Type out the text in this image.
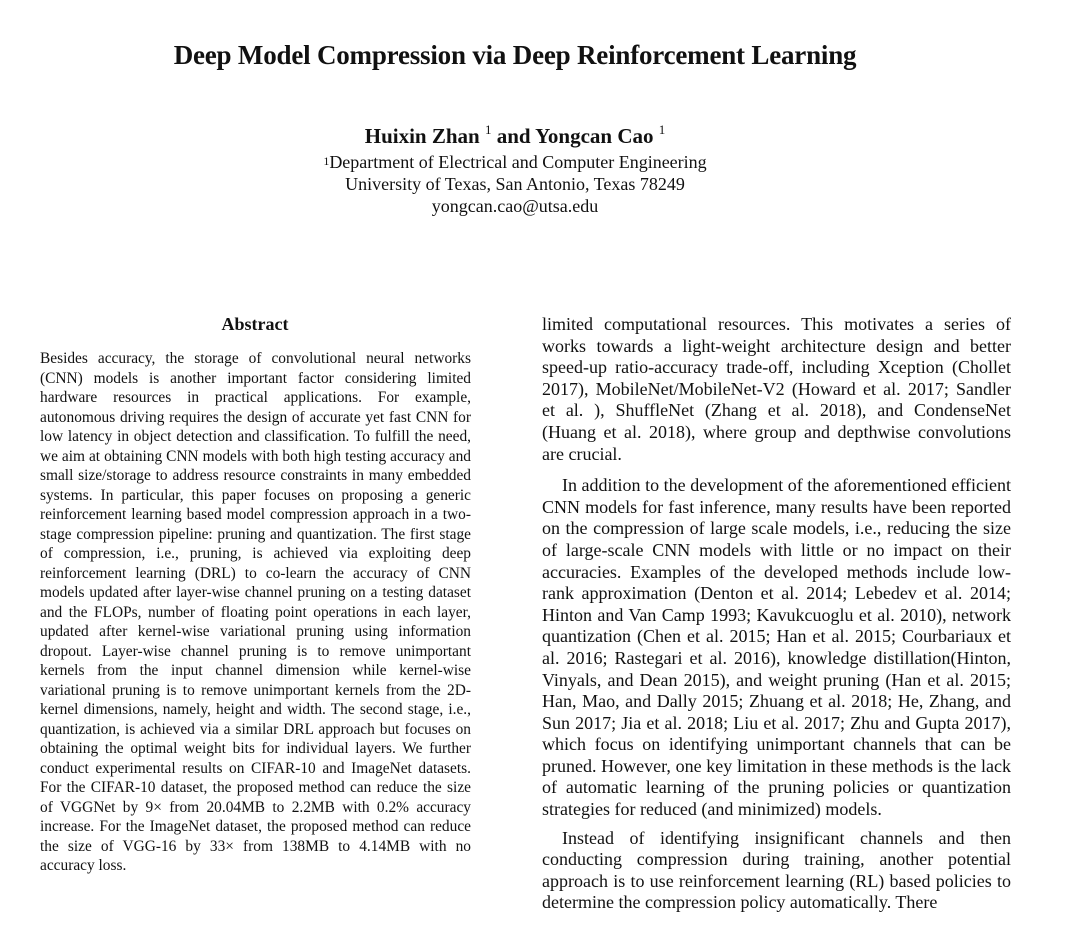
Deep Model Compression via Deep Reinforcement Learning
Huixin Zhan $^1$ and Yongcan Cao $^1$
$^1$Department of Electrical and Computer Engineering
University of Texas, San Antonio, Texas 78249
yongcan.cao@utsa.edu
Abstract

Besides accuracy, the storage of convolutional neural networks (CNN) models is another important factor considering limited hardware resources in practical applications. For example, autonomous driving requires the design of accurate yet fast CNN for low latency in object detection and classification. To fulfill the need, we aim at obtaining CNN models with both high testing accuracy and small size/storage to address resource constraints in many embedded systems. In particular, this paper focuses on proposing a generic reinforcement learning based model compression approach in a two-stage compression pipeline: pruning and quantization. The first stage of compression, i.e., pruning, is achieved via exploiting deep reinforcement learning (DRL) to co-learn the accuracy of CNN models updated after layer-wise channel pruning on a testing dataset and the FLOPs, number of floating point operations in each layer, updated after kernel-wise variational pruning using information dropout. Layer-wise channel pruning is to remove unimportant kernels from the input channel dimension while kernel-wise variational pruning is to remove unimportant kernels from the 2D-kernel dimensions, namely, height and width. The second stage, i.e., quantization, is achieved via a similar DRL approach but focuses on obtaining the optimal weight bits for individual layers. We further conduct experimental results on CIFAR-10 and ImageNet datasets. For the CIFAR-10 dataset, the proposed method can reduce the size of VGGNet by 9× from 20.04MB to 2.2MB with 0.2% accuracy increase. For the ImageNet dataset, the proposed method can reduce the size of VGG-16 by 33× from 138MB to 4.14MB with no accuracy loss.

limited computational resources. This motivates a series of works towards a light-weight architecture design and better speed-up ratio-accuracy trade-off, including Xception (Chollet 2017), MobileNet/MobileNet-V2 (Howard et al. 2017; Sandler et al. ), ShuffleNet (Zhang et al. 2018), and CondenseNet (Huang et al. 2018), where group and depthwise convolutions are crucial.

In addition to the development of the aforementioned efficient CNN models for fast inference, many results have been reported on the compression of large scale models, i.e., reducing the size of large-scale CNN models with little or no impact on their accuracies. Examples of the developed methods include low-rank approximation (Denton et al. 2014; Lebedev et al. 2014; Hinton and Van Camp 1993; Kavukcuoglu et al. 2010), network quantization (Chen et al. 2015; Han et al. 2015; Courbariaux et al. 2016; Rastegari et al. 2016), knowledge distillation(Hinton, Vinyals, and Dean 2015), and weight pruning (Han et al. 2015; Han, Mao, and Dally 2015; Zhuang et al. 2018; He, Zhang, and Sun 2017; Jia et al. 2018; Liu et al. 2017; Zhu and Gupta 2017), which focus on identifying unimportant channels that can be pruned. However, one key limitation in these methods is the lack of automatic learning of the pruning policies or quantization strategies for reduced (and minimized) models.

Instead of identifying insignificant channels and then conducting compression during training, another potential approach is to use reinforcement learning (RL) based policies to determine the compression policy automatically. There
